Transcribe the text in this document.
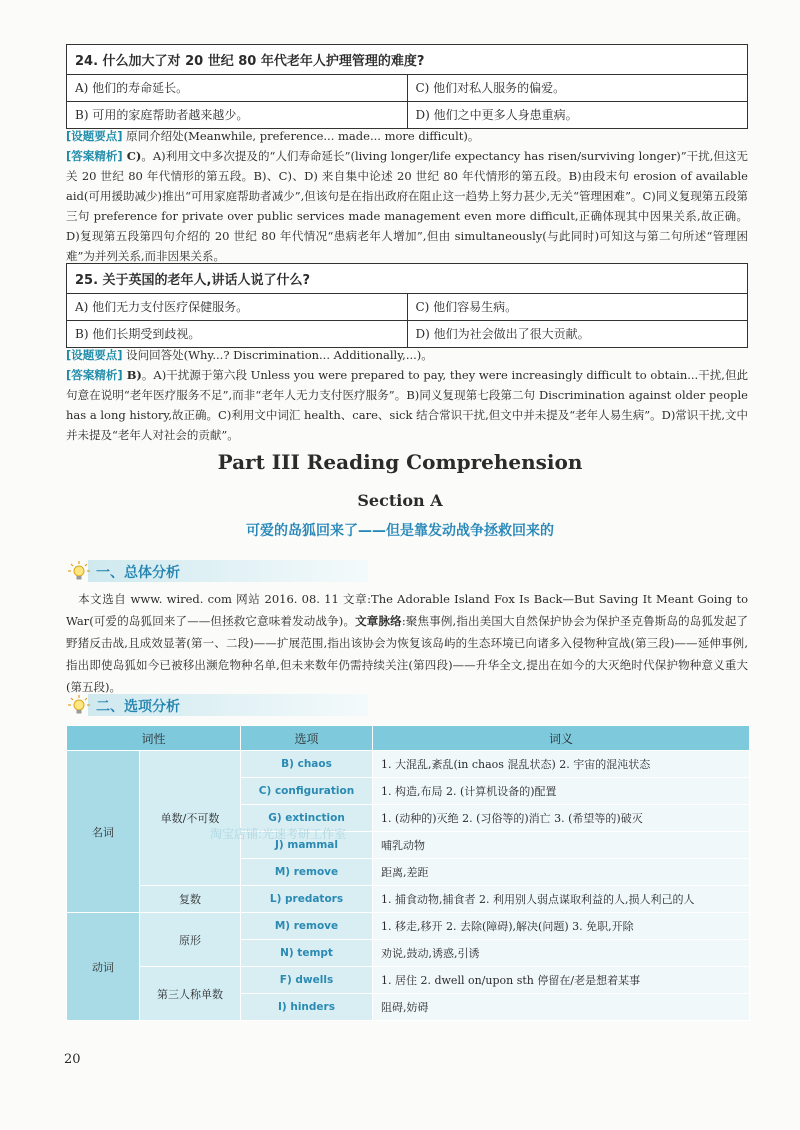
24. 什么加大了对 20 世纪 80 年代老年人护理管理的难度?
A) 他们的寿命延长。	C) 他们对私人服务的偏爱。
B) 可用的家庭帮助者越来越少。	D) 他们之中更多人身患重病。
[设题要点] 原同介绍处(Meanwhile, preference... made... more difficult)。
[答案精析] C)。A)利用文中多次提及的“人们寿命延长”(living longer/life expectancy has risen/surviving longer)”干扰,但这无关 20 世纪 80 年代情形的第五段。B)、C)、D) 来自集中论述 20 世纪 80 年代情形的第五段。B)由段末句 erosion of available aid(可用援助减少)推出“可用家庭帮助者减少”,但该句是在指出政府在阻止这一趋势上努力甚少,无关“管理困难”。C)同义复现第五段第三句 preference for private over public services made management even more difficult,正确体现其中因果关系,故正确。D)复现第五段第四句介绍的 20 世纪 80 年代情况“患病老年人增加”,但由 simultaneously(与此同时)可知这与第二句所述“管理困难”为并列关系,而非因果关系。
25. 关于英国的老年人,讲话人说了什么?
A) 他们无力支付医疗保健服务。	C) 他们容易生病。
B) 他们长期受到歧视。	D) 他们为社会做出了很大贡献。
[设题要点] 设问回答处(Why...? Discrimination... Additionally,...)。
[答案精析] B)。A)干扰源于第六段 Unless you were prepared to pay, they were increasingly difficult to obtain...干扰,但此句意在说明“老年医疗服务不足”,而非“老年人无力支付医疗服务”。B)同义复现第七段第二句 Discrimination against older people has a long history,故正确。C)利用文中词汇 health、care、sick 结合常识干扰,但文中并未提及“老年人易生病”。D)常识干扰,文中并未提及“老年人对社会的贡献”。
Part III Reading Comprehension
Section A
可爱的岛狐回来了——但是靠发动战争拯救回来的
一、总体分析
 本文选自 www. wired. com 网站 2016. 08. 11 文章:The Adorable Island Fox Is Back—But Saving It Meant Going to War(可爱的岛狐回来了——但拯救它意味着发动战争)。文章脉络:聚焦事例,指出美国大自然保护协会为保护圣克鲁斯岛的岛狐发起了野猪反击战,且成效显著(第一、二段)——扩展范围,指出该协会为恢复该岛屿的生态环境已向诸多入侵物种宣战(第三段)——延伸事例,指出即使岛狐如今已被移出濒危物种名单,但未来数年仍需持续关注(第四段)——升华全文,提出在如今的大灭绝时代保护物种意义重大(第五段)。
二、选项分析
词性		选项	词义
名词	单数/不可数	B) chaos	1. 大混乱,紊乱(in chaos 混乱状态) 2. 宇宙的混沌状态
		C) configuration	1. 构造,布局 2. (计算机设备的)配置
		G) extinction	1. (动种的)灭绝 2. (习俗等的)消亡 3. (希望等的)破灭
		J) mammal	哺乳动物
		M) remove	距离,差距
	复数	L) predators	1. 捕食动物,捕食者 2. 利用别人弱点谋取利益的人,损人利己的人
动词	原形	M) remove	1. 移走,移开 2. 去除(障碍),解决(问题) 3. 免职,开除
		N) tempt	劝说,鼓动,诱惑,引诱
	第三人称单数	F) dwells	1. 居住 2. dwell on/upon sth 停留在/老是想着某事
		I) hinders	阻碍,妨碍
淘宝店铺:光速考研工作室
20
